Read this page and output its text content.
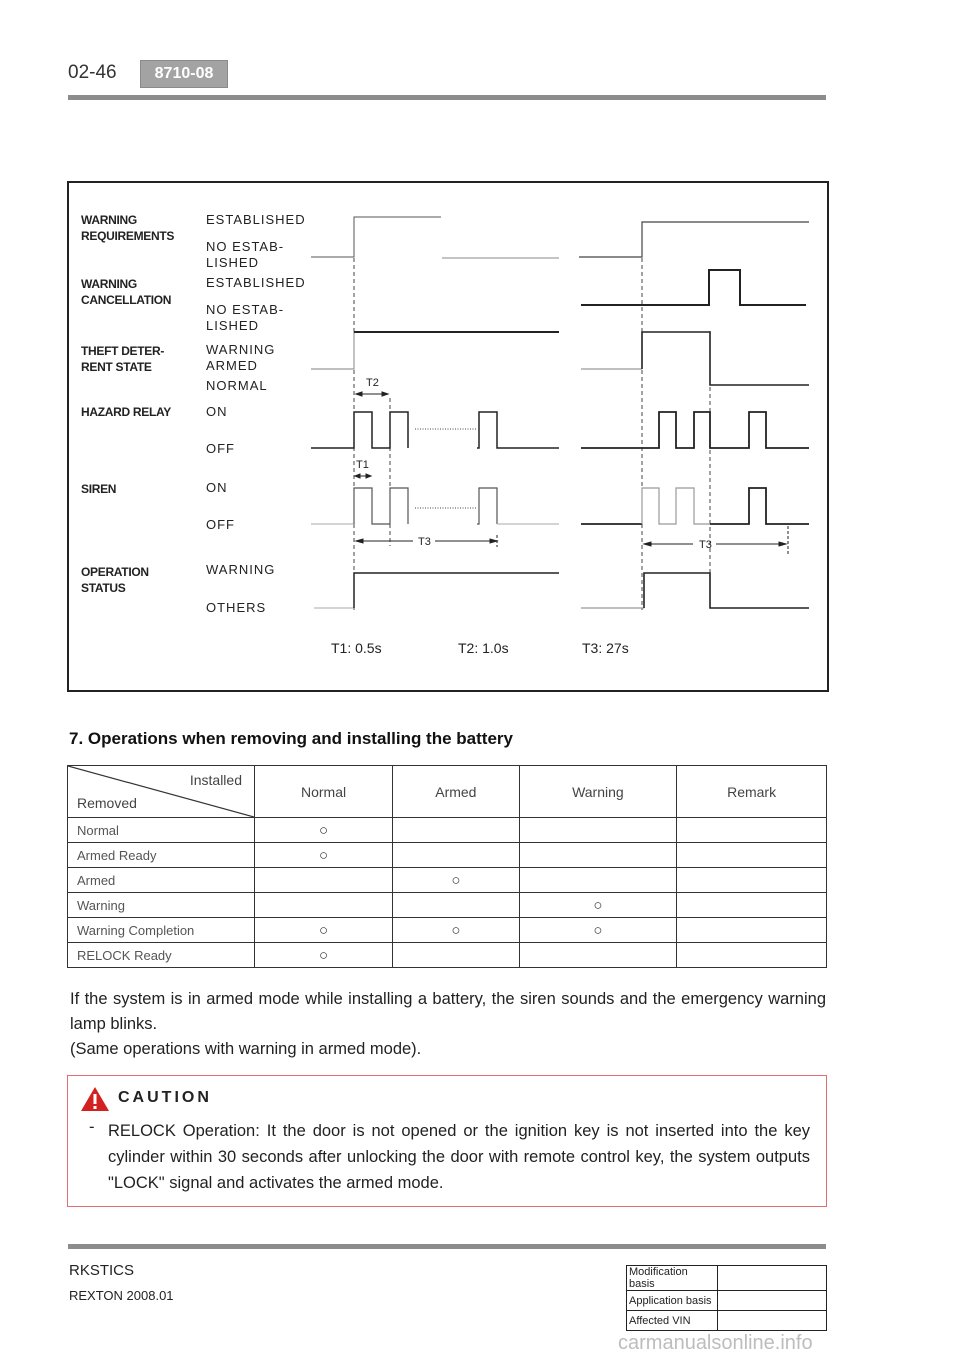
02-46	8710-08
WARNING REQUIREMENTS
WARNING CANCELLATION
THEFT DETER-RENT STATE
HAZARD RELAY
SIREN
OPERATION STATUS
ESTABLISHED
NO ESTAB-LISHED
ESTABLISHED
NO ESTAB-LISHED
WARNING ARMED
NORMAL
ON
OFF
ON
OFF
WARNING
OTHERS
T2
T1
T3	T3
T1: 0.5s	T2: 1.0s	T3: 27s
7. Operations when removing and installing the battery
Installed
Removed	Normal	Armed	Warning	Remark
Normal	○			
Armed Ready	○			
Armed		○		
Warning			○	
Warning Completion	○	○	○	
RELOCK Ready	○			

If the system is in armed mode while installing a battery, the siren sounds and the emergency warning lamp blinks.

(Same operations with warning in armed mode).

CAUTION
- RELOCK Operation: It the door is not opened or the ignition key is not inserted into the key cylinder within 30 seconds after unlocking the door with remote control key, the system outputs "LOCK" signal and activates the armed mode.
RKSTICS
REXTON 2008.01
Modification basis	
Application basis	
Affected VIN	
carmanualsonline.info
